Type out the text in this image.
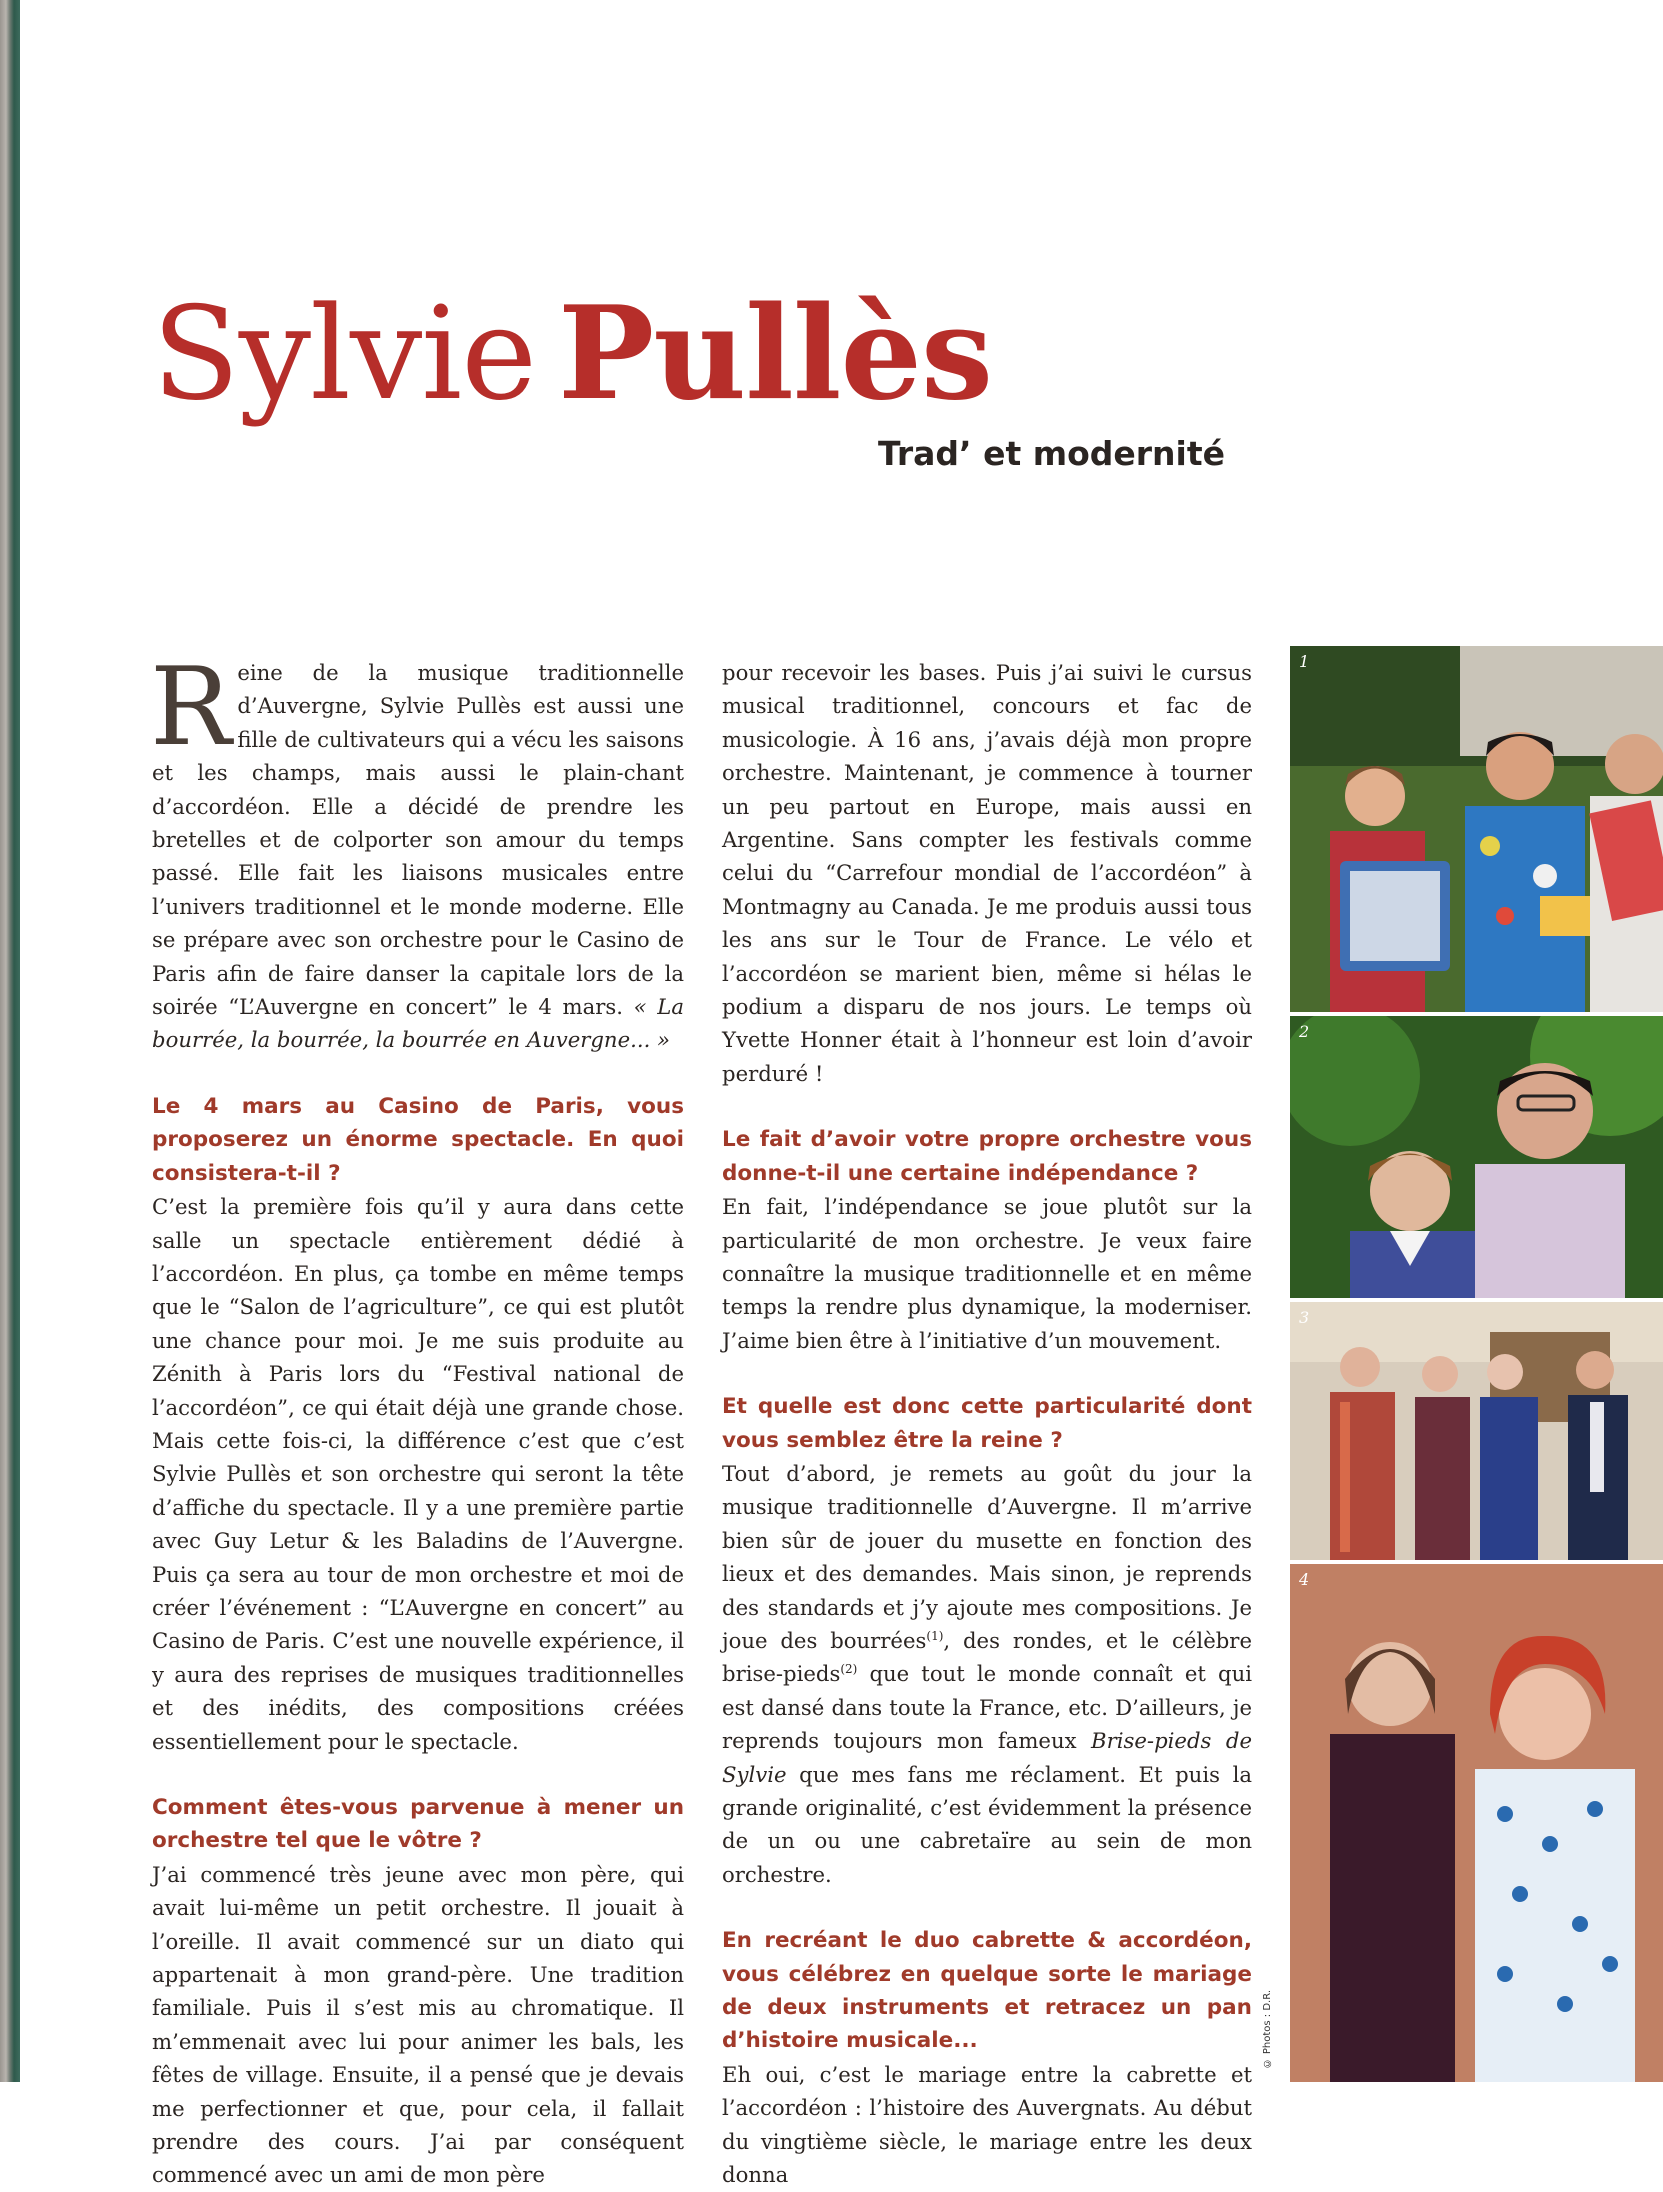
Sylvie Pullès
Trad’ et modernité

Reine de la musique traditionnelle d’Auvergne, Sylvie Pullès est aussi une fille de cultivateurs qui a vécu les saisons et les champs, mais aussi le plain-chant d’accordéon. Elle a décidé de prendre les bretelles et de colporter son amour du temps passé. Elle fait les liaisons musicales entre l’univers traditionnel et le monde moderne. Elle se prépare avec son orchestre pour le Casino de Paris afin de faire danser la capitale lors de la soirée “L’Auvergne en concert” le 4 mars. « La bourrée, la bourrée, la bourrée en Auvergne... »

Le 4 mars au Casino de Paris, vous proposerez un énorme spectacle. En quoi consistera-t-il ?

C’est la première fois qu’il y aura dans cette salle un spectacle entièrement dédié à l’accordéon. En plus, ça tombe en même temps que le “Salon de l’agriculture”, ce qui est plutôt une chance pour moi. Je me suis produite au Zénith à Paris lors du “Festival national de l’accordéon”, ce qui était déjà une grande chose. Mais cette fois-ci, la différence c’est que c’est Sylvie Pullès et son orchestre qui seront la tête d’affiche du spectacle. Il y a une première partie avec Guy Letur & les Baladins de l’Auvergne. Puis ça sera au tour de mon orchestre et moi de créer l’événement : “L’Auvergne en concert” au Casino de Paris. C’est une nouvelle expérience, il y aura des reprises de musiques traditionnelles et des inédits, des compositions créées essentiellement pour le spectacle.

Comment êtes-vous parvenue à mener un orchestre tel que le vôtre ?

J’ai commencé très jeune avec mon père, qui avait lui-même un petit orchestre. Il jouait à l’oreille. Il avait commencé sur un diato qui appartenait à mon grand-père. Une tradition familiale. Puis il s’est mis au chromatique. Il m’emmenait avec lui pour animer les bals, les fêtes de village. Ensuite, il a pensé que je devais me perfectionner et que, pour cela, il fallait prendre des cours. J’ai par conséquent commencé avec un ami de mon père

pour recevoir les bases. Puis j’ai suivi le cursus musical traditionnel, concours et fac de musicologie. À 16 ans, j’avais déjà mon propre orchestre. Maintenant, je commence à tourner un peu partout en Europe, mais aussi en Argentine. Sans compter les festivals comme celui du “Carrefour mondial de l’accordéon” à Montmagny au Canada. Je me produis aussi tous les ans sur le Tour de France. Le vélo et l’accordéon se marient bien, même si hélas le podium a disparu de nos jours. Le temps où Yvette Honner était à l’honneur est loin d’avoir perduré !

Le fait d’avoir votre propre orchestre vous donne-t-il une certaine indépendance ?

En fait, l’indépendance se joue plutôt sur la particularité de mon orchestre. Je veux faire connaître la musique traditionnelle et en même temps la rendre plus dynamique, la moderniser. J’aime bien être à l’initiative d’un mouvement.

Et quelle est donc cette particularité dont vous semblez être la reine ?

Tout d’abord, je remets au goût du jour la musique traditionnelle d’Auvergne. Il m’arrive bien sûr de jouer du musette en fonction des lieux et des demandes. Mais sinon, je reprends des standards et j’y ajoute mes compositions. Je joue des bourrées$^{(1)}$, des rondes, et le célèbre brise-pieds$^{(2)}$ que tout le monde connaît et qui est dansé dans toute la France, etc. D’ailleurs, je reprends toujours mon fameux Brise-pieds de Sylvie que mes fans me réclament. Et puis la grande originalité, c’est évidemment la présence de un ou une cabretaïre au sein de mon orchestre.

En recréant le duo cabrette & accordéon, vous célébrez en quelque sorte le mariage de deux instruments et retracez un pan d’histoire musicale...

Eh oui, c’est le mariage entre la cabrette et l’accordéon : l’histoire des Auvergnats. Au début du vingtième siècle, le mariage entre les deux donna

1
2
3
4
© Photos : D.R.
